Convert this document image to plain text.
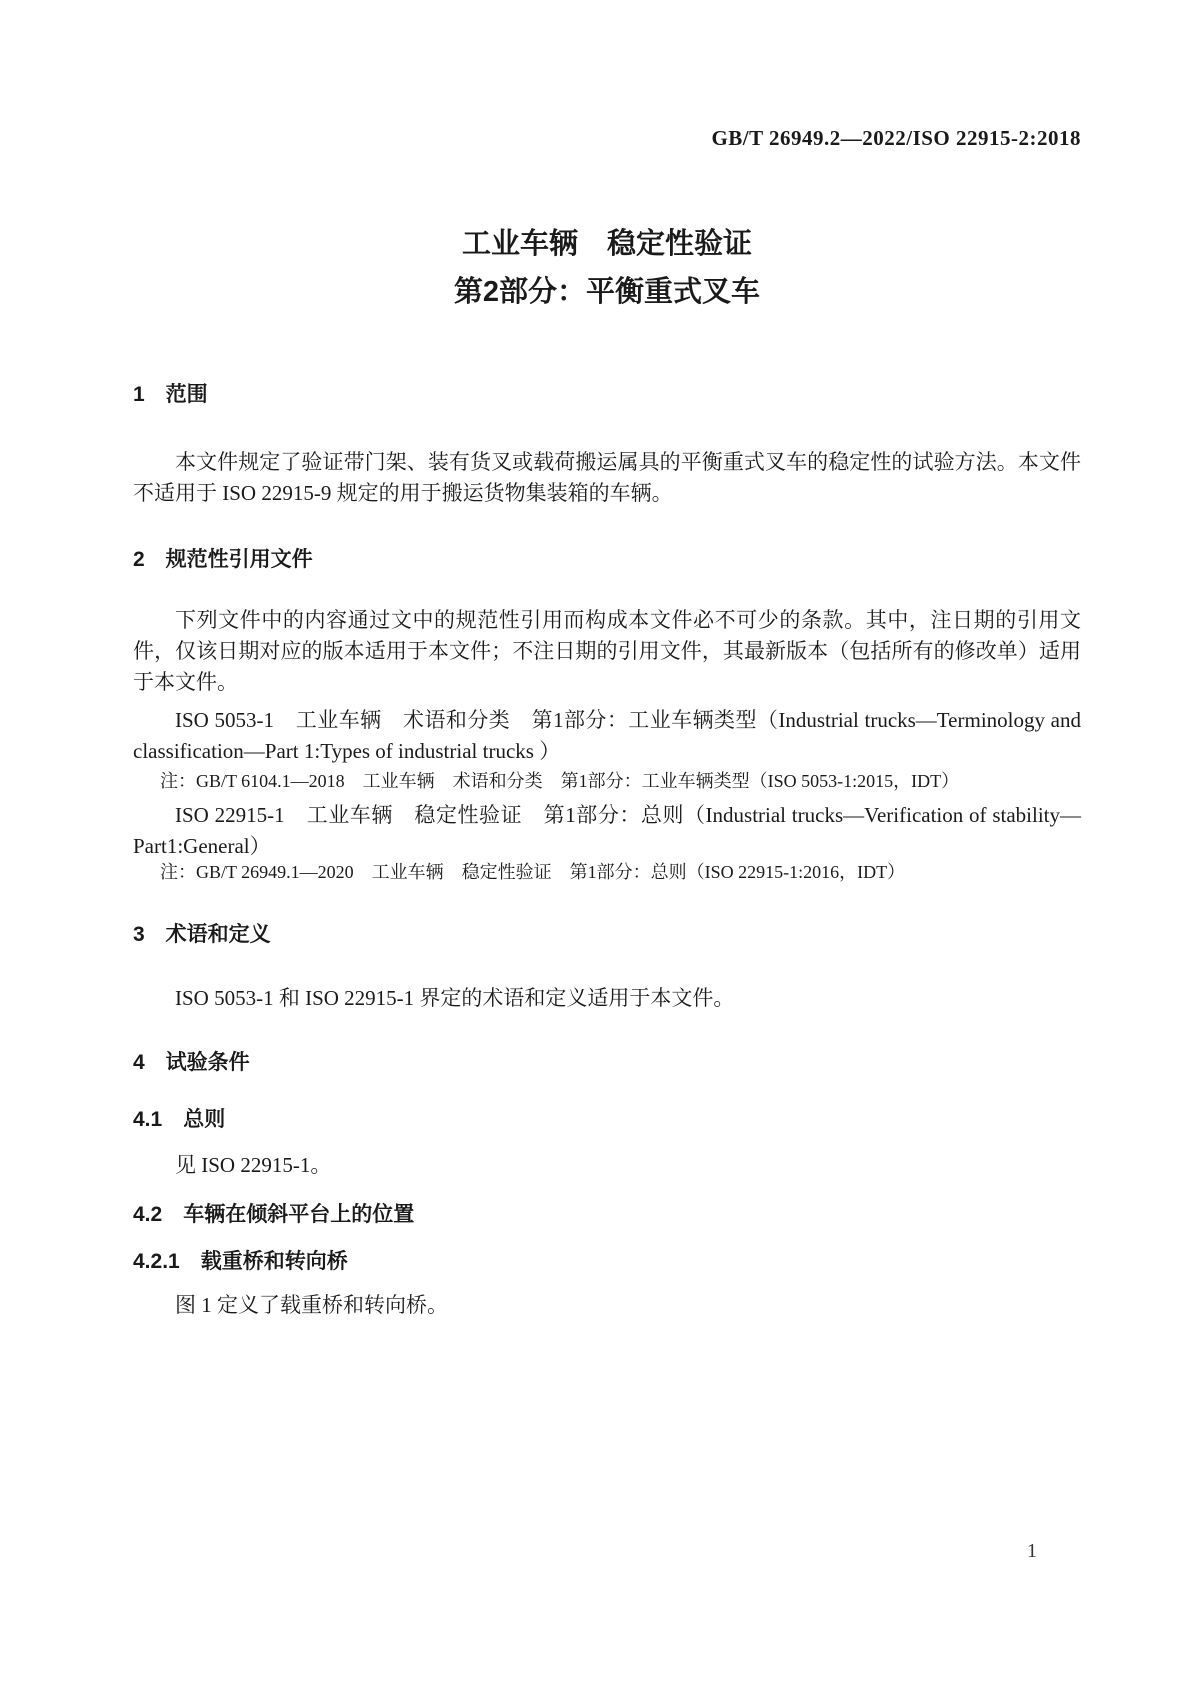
GB/T 26949.2—2022/ISO 22915-2:2018
工业车辆　稳定性验证
第2部分：平衡重式叉车
1　范围
本文件规定了验证带门架、装有货叉或载荷搬运属具的平衡重式叉车的稳定性的试验方法。本文件不适用于 ISO 22915-9 规定的用于搬运货物集装箱的车辆。
2　规范性引用文件
下列文件中的内容通过文中的规范性引用而构成本文件必不可少的条款。其中，注日期的引用文件，仅该日期对应的版本适用于本文件；不注日期的引用文件，其最新版本（包括所有的修改单）适用于本文件。
ISO 5053-1　工业车辆　术语和分类　第1部分：工业车辆类型（Industrial trucks—Terminology and classification—Part 1:Types of industrial trucks ）
注：GB/T 6104.1—2018　工业车辆　术语和分类　第1部分：工业车辆类型（ISO 5053-1:2015，IDT）
ISO 22915-1　工业车辆　稳定性验证　第1部分：总则（Industrial trucks—Verification of stability—Part1:General）
注：GB/T 26949.1—2020　工业车辆　稳定性验证　第1部分：总则（ISO 22915-1:2016，IDT）
3　术语和定义
ISO 5053-1 和 ISO 22915-1 界定的术语和定义适用于本文件。
4　试验条件
4.1　总则
见 ISO 22915-1。
4.2　车辆在倾斜平台上的位置
4.2.1　载重桥和转向桥
图 1 定义了载重桥和转向桥。
1
